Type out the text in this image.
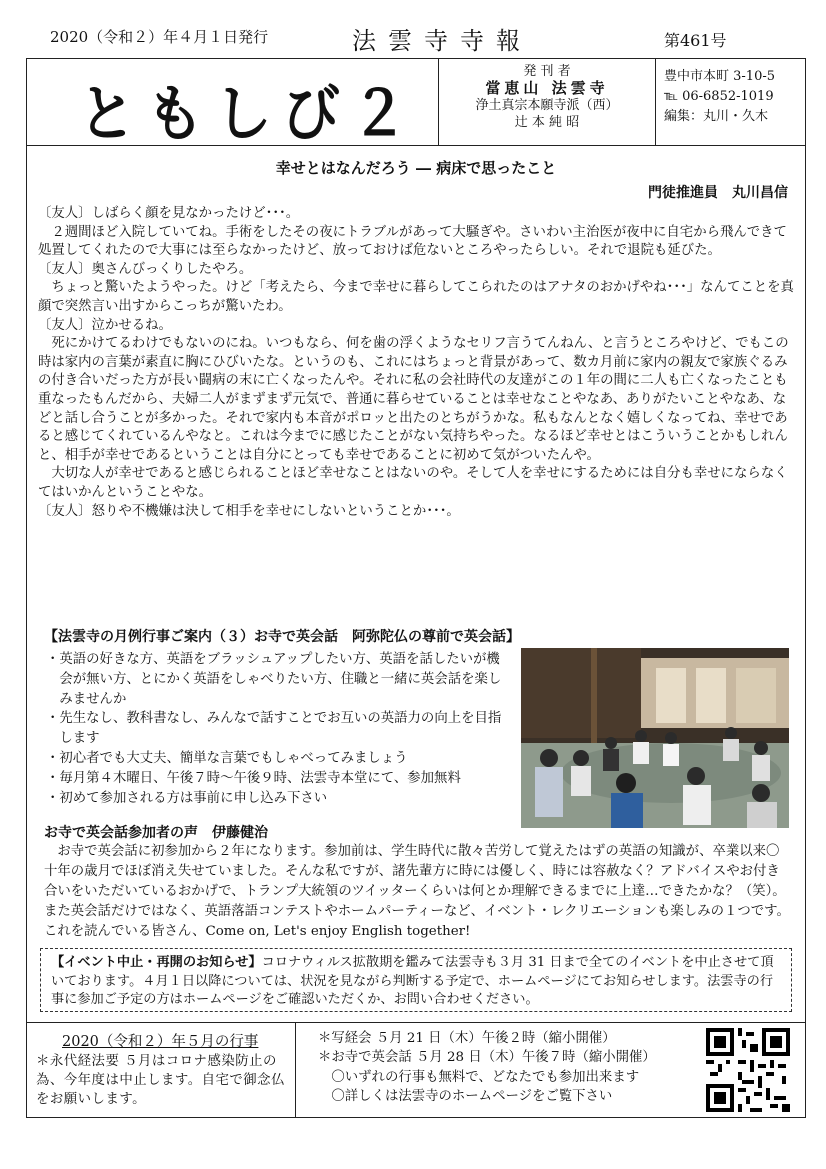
2020（令和２）年４月１日発行	法雲寺寺報	第461号
ともしび２
発 刊 者
當恵山 法雲寺
浄土真宗本願寺派（西）
辻 本 純 昭
豊中市本町 3-10-5
℡ 06-6852-1019
編集：丸川・久木
幸せとはなんだろう ― 病床で思ったこと
門徒推進員　丸川昌信

〔友人〕しばらく顔を見なかったけど･･･。

２週間ほど入院していてね。手術をしたその夜にトラブルがあって大騒ぎや。さいわい主治医が夜中に自宅から飛んできて処置してくれたので大事には至らなかったけど、放っておけば危ないところやったらしい。それで退院も延びた。

〔友人〕奥さんびっくりしたやろ。

ちょっと驚いたようやった。けど「考えたら、今まで幸せに暮らしてこられたのはアナタのおかげやね･･･」なんてことを真顔で突然言い出すからこっちが驚いたわ。

〔友人〕泣かせるね。

死にかけてるわけでもないのにね。いつもなら、何を歯の浮くようなセリフ言うてんねん、と言うところやけど、でもこの時は家内の言葉が素直に胸にひびいたな。というのも、これにはちょっと背景があって、数カ月前に家内の親友で家族ぐるみの付き合いだった方が長い闘病の末に亡くなったんや。それに私の会社時代の友達がこの１年の間に二人も亡くなったことも重なったもんだから、夫婦二人がまずまず元気で、普通に暮らせていることは幸せなことやなあ、ありがたいことやなあ、などと話し合うことが多かった。それで家内も本音がポロッと出たのとちがうかな。私もなんとなく嬉しくなってね、幸せであると感じてくれているんやなと。これは今までに感じたことがない気持ちやった。なるほど幸せとはこういうことかもしれんと、相手が幸せであるということは自分にとっても幸せであることに初めて気がついたんや。

大切な人が幸せであると感じられることほど幸せなことはないのや。そして人を幸せにするためには自分も幸せにならなくてはいかんということやな。

〔友人〕怒りや不機嫌は決して相手を幸せにしないということか･･･。

【法雲寺の月例行事ご案内（３）お寺で英会話　阿弥陀仏の尊前で英会話】
・英語の好きな方、英語をブラッシュアップしたい方、英語を話したいが機会が無い方、とにかく英語をしゃべりたい方、住職と一緒に英会話を楽しみませんか
・先生なし、教科書なし、みんなで話すことでお互いの英語力の向上を目指します
・初心者でも大丈夫、簡単な言葉でもしゃべってみましょう
・毎月第４木曜日、午後７時～午後９時、法雲寺本堂にて、参加無料
・初めて参加される方は事前に申し込み下さい
お寺で英会話参加者の声　伊藤健治
お寺で英会話に初参加から２年になります。参加前は、学生時代に散々苦労して覚えたはずの英語の知識が、卒業以来〇十年の歳月でほぼ消え失せていました。そんな私ですが、諸先輩方に時には優しく、時には容赦なく？アドバイスやお付き合いをいただいているおかげで、トランプ大統領のツイッターくらいは何とか理解できるまでに上達…できたかな？（笑）。また英会話だけではなく、英語落語コンテストやホームパーティーなど、イベント・レクリエーションも楽しみの１つです。これを読んでいる皆さん、Come on, Let's enjoy English together!
【イベント中止・再開のお知らせ】コロナウィルス拡散期を鑑みて法雲寺も３月 31 日まで全てのイベントを中止させて頂いております。４月１日以降については、状況を見ながら判断する予定で、ホームページにてお知らせします。法雲寺の行事に参加ご予定の方はホームページをご確認いただくか、お問い合わせください。
2020（令和２）年５月の行事
＊永代経法要 ５月はコロナ感染防止の為、今年度は中止します。自宅で御念仏をお願いします。
＊写経会 ５月 21 日（木）午後２時（縮小開催）
＊お寺で英会話 ５月 28 日（木）午後７時（縮小開催）
　〇いずれの行事も無料で、どなたでも参加出来ます
　〇詳しくは法雲寺のホームページをご覧下さい
